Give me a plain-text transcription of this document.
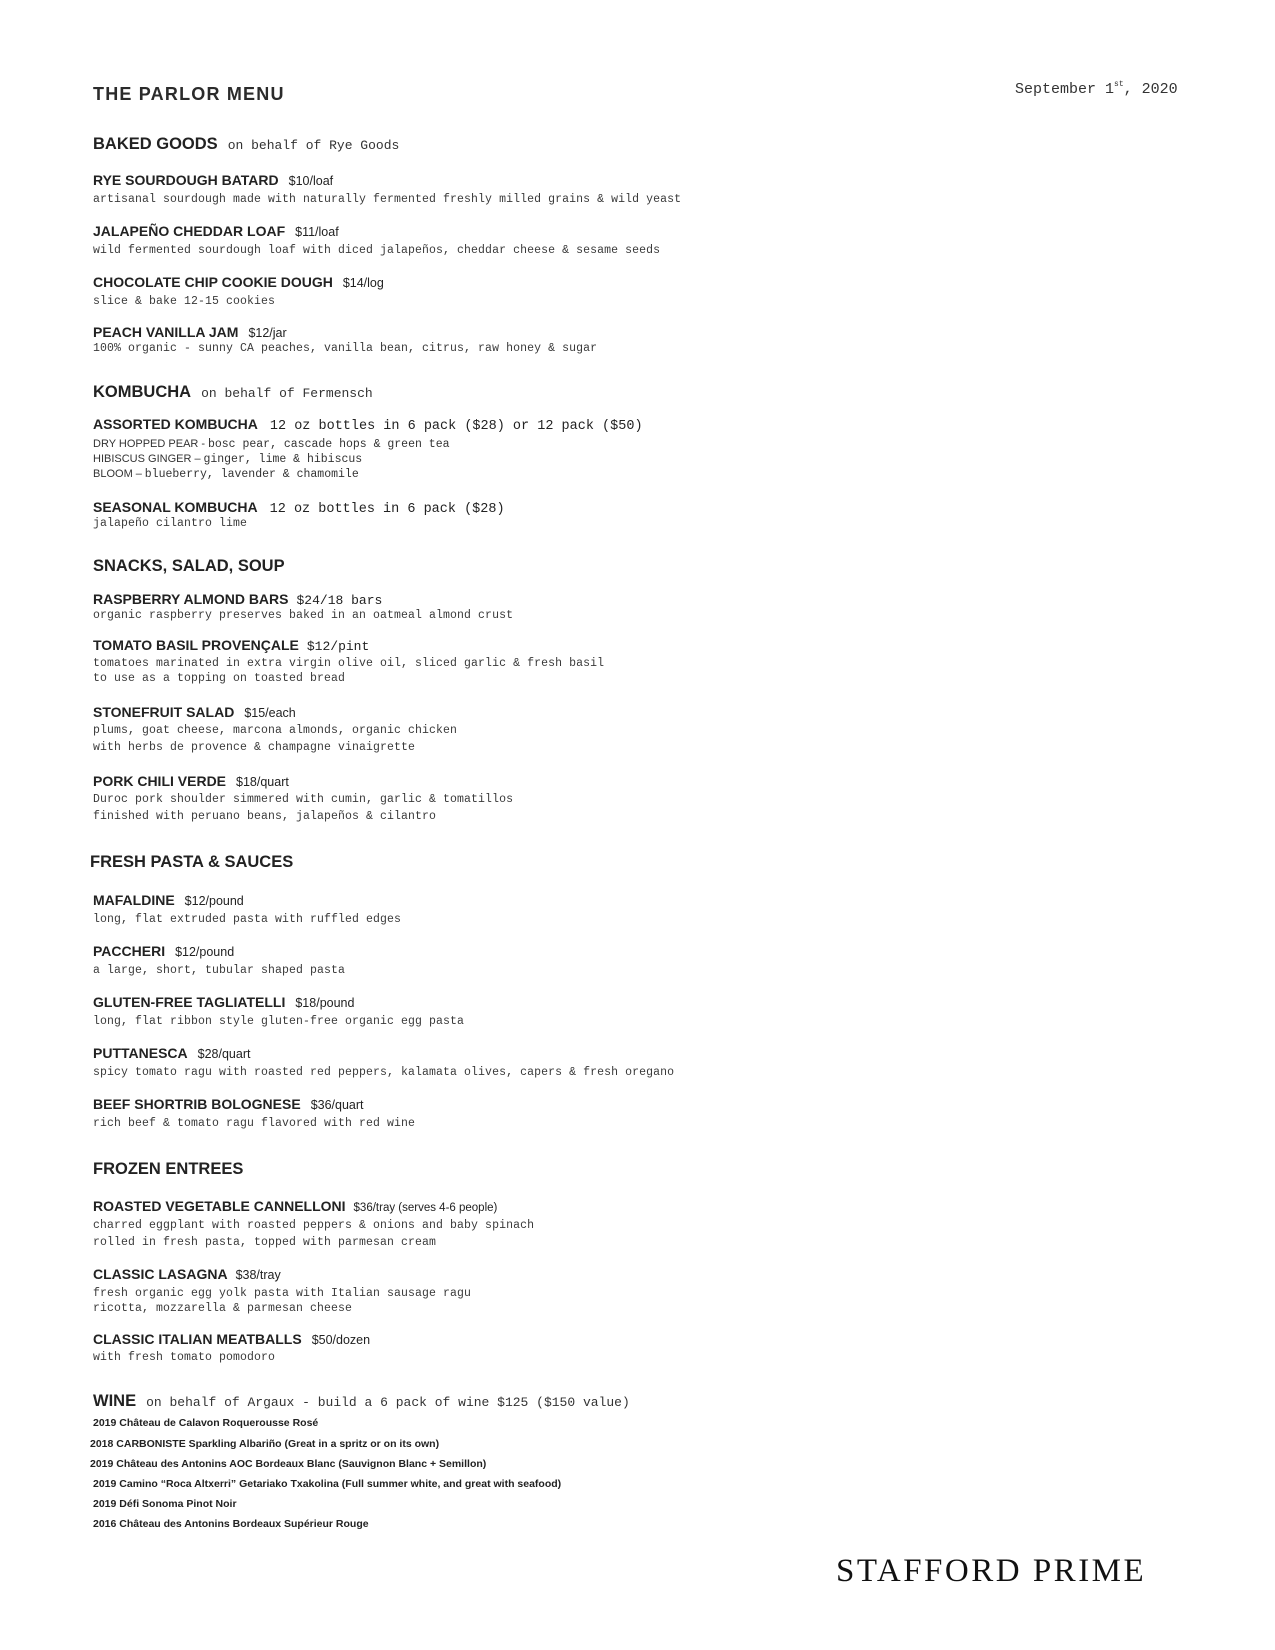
THE PARLOR MENU	September 1st, 2020
BAKED GOODS on behalf of Rye Goods
RYE SOURDOUGH BATARD $10/loaf
artisanal sourdough made with naturally fermented freshly milled grains & wild yeast
JALAPEÑO CHEDDAR LOAF $11/loaf
wild fermented sourdough loaf with diced jalapeños, cheddar cheese & sesame seeds
CHOCOLATE CHIP COOKIE DOUGH $14/log
slice & bake 12-15 cookies
PEACH VANILLA JAM $12/jar
100% organic - sunny CA peaches, vanilla bean, citrus, raw honey & sugar
KOMBUCHA on behalf of Fermensch
ASSORTED KOMBUCHA 12 oz bottles in 6 pack ($28) or 12 pack ($50)
DRY HOPPED PEAR - bosc pear, cascade hops & green tea
HIBISCUS GINGER – ginger, lime & hibiscus
BLOOM – blueberry, lavender & chamomile
SEASONAL KOMBUCHA 12 oz bottles in 6 pack ($28)
jalapeño cilantro lime
SNACKS, SALAD, SOUP
RASPBERRY ALMOND BARS $24/18 bars
organic raspberry preserves baked in an oatmeal almond crust
TOMATO BASIL PROVENÇALE $12/pint
tomatoes marinated in extra virgin olive oil, sliced garlic & fresh basil
to use as a topping on toasted bread
STONEFRUIT SALAD $15/each
plums, goat cheese, marcona almonds, organic chicken
with herbs de provence & champagne vinaigrette
PORK CHILI VERDE $18/quart
Duroc pork shoulder simmered with cumin, garlic & tomatillos
finished with peruano beans, jalapeños & cilantro
FRESH PASTA & SAUCES
MAFALDINE $12/pound
long, flat extruded pasta with ruffled edges
PACCHERI $12/pound
a large, short, tubular shaped pasta
GLUTEN-FREE TAGLIATELLI $18/pound
long, flat ribbon style gluten-free organic egg pasta
PUTTANESCA $28/quart
spicy tomato ragu with roasted red peppers, kalamata olives, capers & fresh oregano
BEEF SHORTRIB BOLOGNESE $36/quart
rich beef & tomato ragu flavored with red wine
FROZEN ENTREES
ROASTED VEGETABLE CANNELLONI $36/tray (serves 4-6 people)
charred eggplant with roasted peppers & onions and baby spinach
rolled in fresh pasta, topped with parmesan cream
CLASSIC LASAGNA $38/tray
fresh organic egg yolk pasta with Italian sausage ragu
ricotta, mozzarella & parmesan cheese
CLASSIC ITALIAN MEATBALLS $50/dozen
with fresh tomato pomodoro
WINE on behalf of Argaux - build a 6 pack of wine $125 ($150 value)
2019 Château de Calavon Roquerousse Rosé
2018 CARBONISTE Sparkling Albariño (Great in a spritz or on its own)
2019 Château des Antonins AOC Bordeaux Blanc (Sauvignon Blanc + Semillon)
2019 Camino “Roca Altxerri” Getariako Txakolina (Full summer white, and great with seafood)
2019 Défi Sonoma Pinot Noir
2016 Château des Antonins Bordeaux Supérieur Rouge
STAFFORD PRIME
